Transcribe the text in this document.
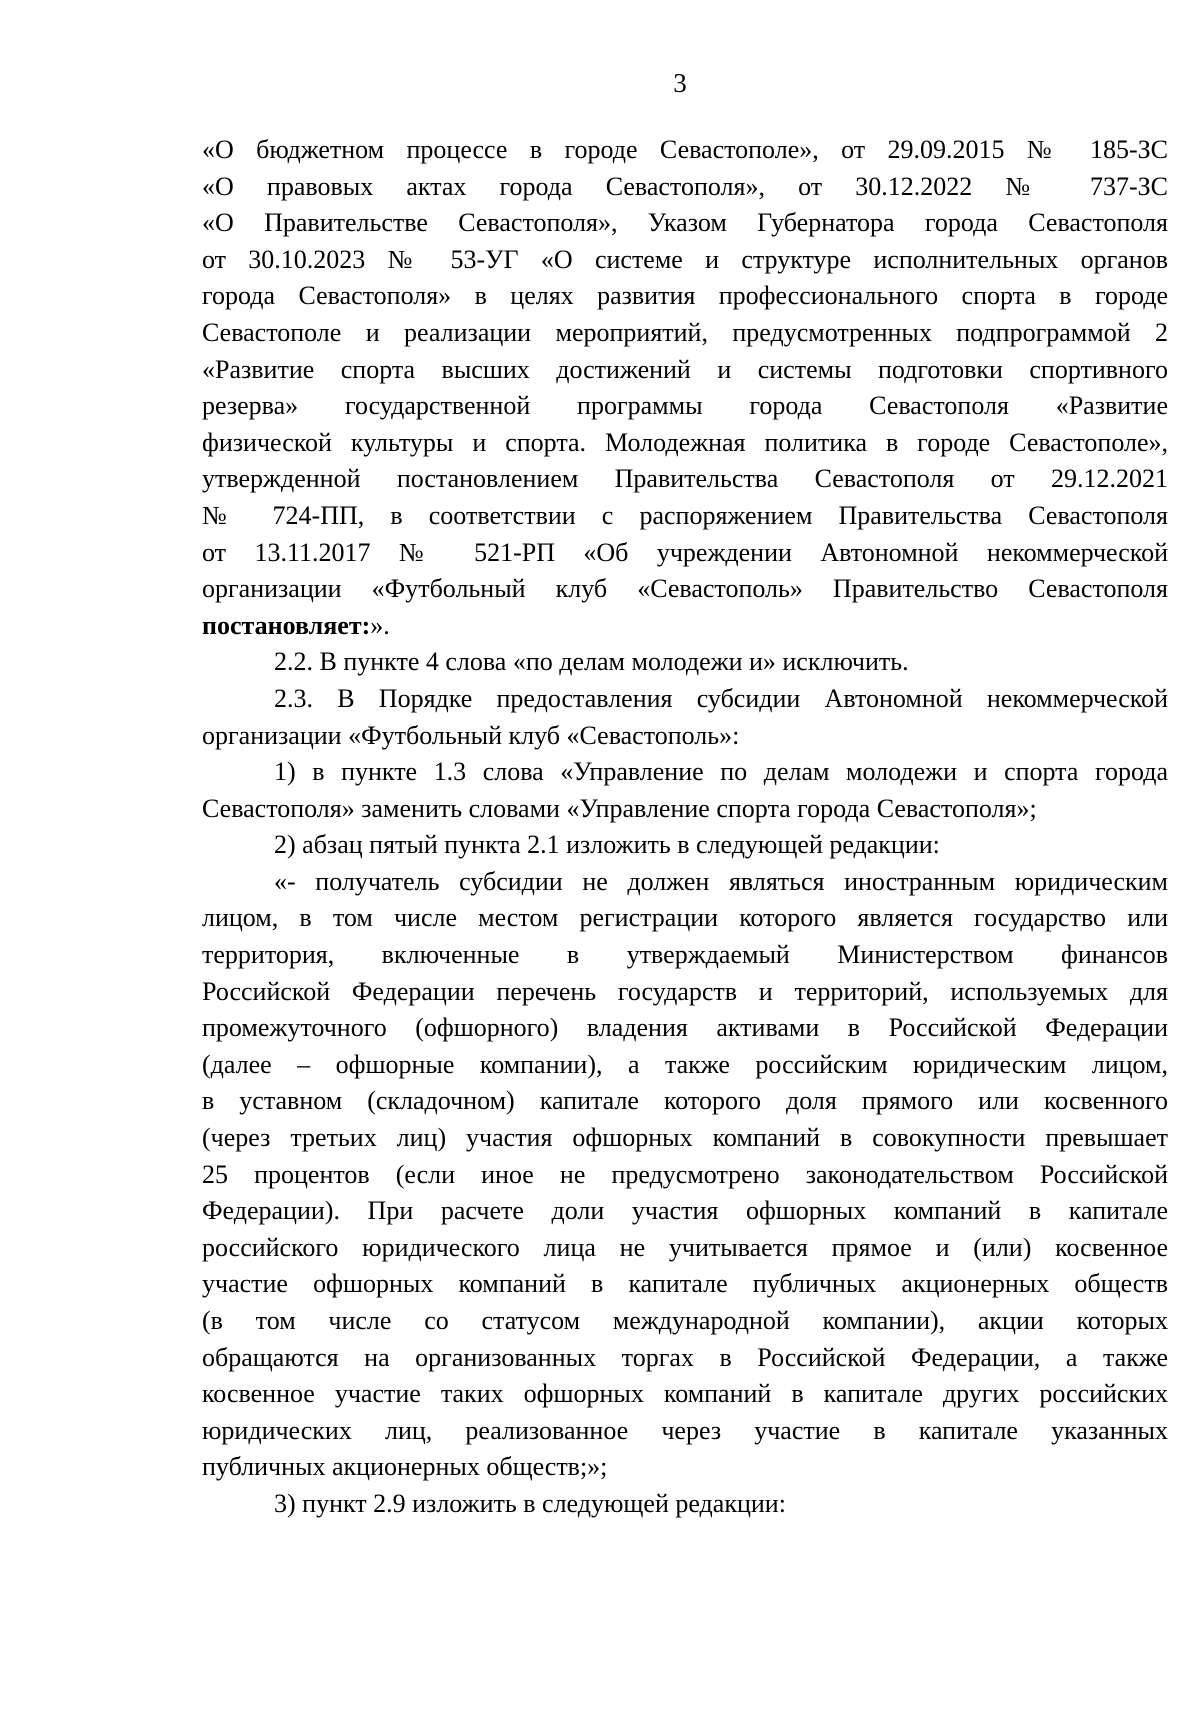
3
«О бюджетном процессе в городе Севастополе», от 29.09.2015 № 185-ЗС
«О правовых актах города Севастополя», от 30.12.2022 № 737-ЗС
«О Правительстве Севастополя», Указом Губернатора города Севастополя
от 30.10.2023 № 53-УГ «О системе и структуре исполнительных органов
города Севастополя» в целях развития профессионального спорта в городе
Севастополе и реализации мероприятий, предусмотренных подпрограммой 2
«Развитие спорта высших достижений и системы подготовки спортивного
резерва» государственной программы города Севастополя «Развитие
физической культуры и спорта. Молодежная политика в городе Севастополе»,
утвержденной постановлением Правительства Севастополя от 29.12.2021
№ 724-ПП, в соответствии с распоряжением Правительства Севастополя
от 13.11.2017 № 521-РП «Об учреждении Автономной некоммерческой
организации «Футбольный клуб «Севастополь» Правительство Севастополя
постановляет:».
2.2. В пункте 4 слова «по делам молодежи и» исключить.
2.3. В Порядке предоставления субсидии Автономной некоммерческой
организации «Футбольный клуб «Севастополь»:
1) в пункте 1.3 слова «Управление по делам молодежи и спорта города
Севастополя» заменить словами «Управление спорта города Севастополя»;
2) абзац пятый пункта 2.1 изложить в следующей редакции:
«- получатель субсидии не должен являться иностранным юридическим
лицом, в том числе местом регистрации которого является государство или
территория, включенные в утверждаемый Министерством финансов
Российской Федерации перечень государств и территорий, используемых для
промежуточного (офшорного) владения активами в Российской Федерации
(далее – офшорные компании), а также российским юридическим лицом,
в уставном (складочном) капитале которого доля прямого или косвенного
(через третьих лиц) участия офшорных компаний в совокупности превышает
25 процентов (если иное не предусмотрено законодательством Российской
Федерации). При расчете доли участия офшорных компаний в капитале
российского юридического лица не учитывается прямое и (или) косвенное
участие офшорных компаний в капитале публичных акционерных обществ
(в том числе со статусом международной компании), акции которых
обращаются на организованных торгах в Российской Федерации, а также
косвенное участие таких офшорных компаний в капитале других российских
юридических лиц, реализованное через участие в капитале указанных
публичных акционерных обществ;»;
3) пункт 2.9 изложить в следующей редакции:
